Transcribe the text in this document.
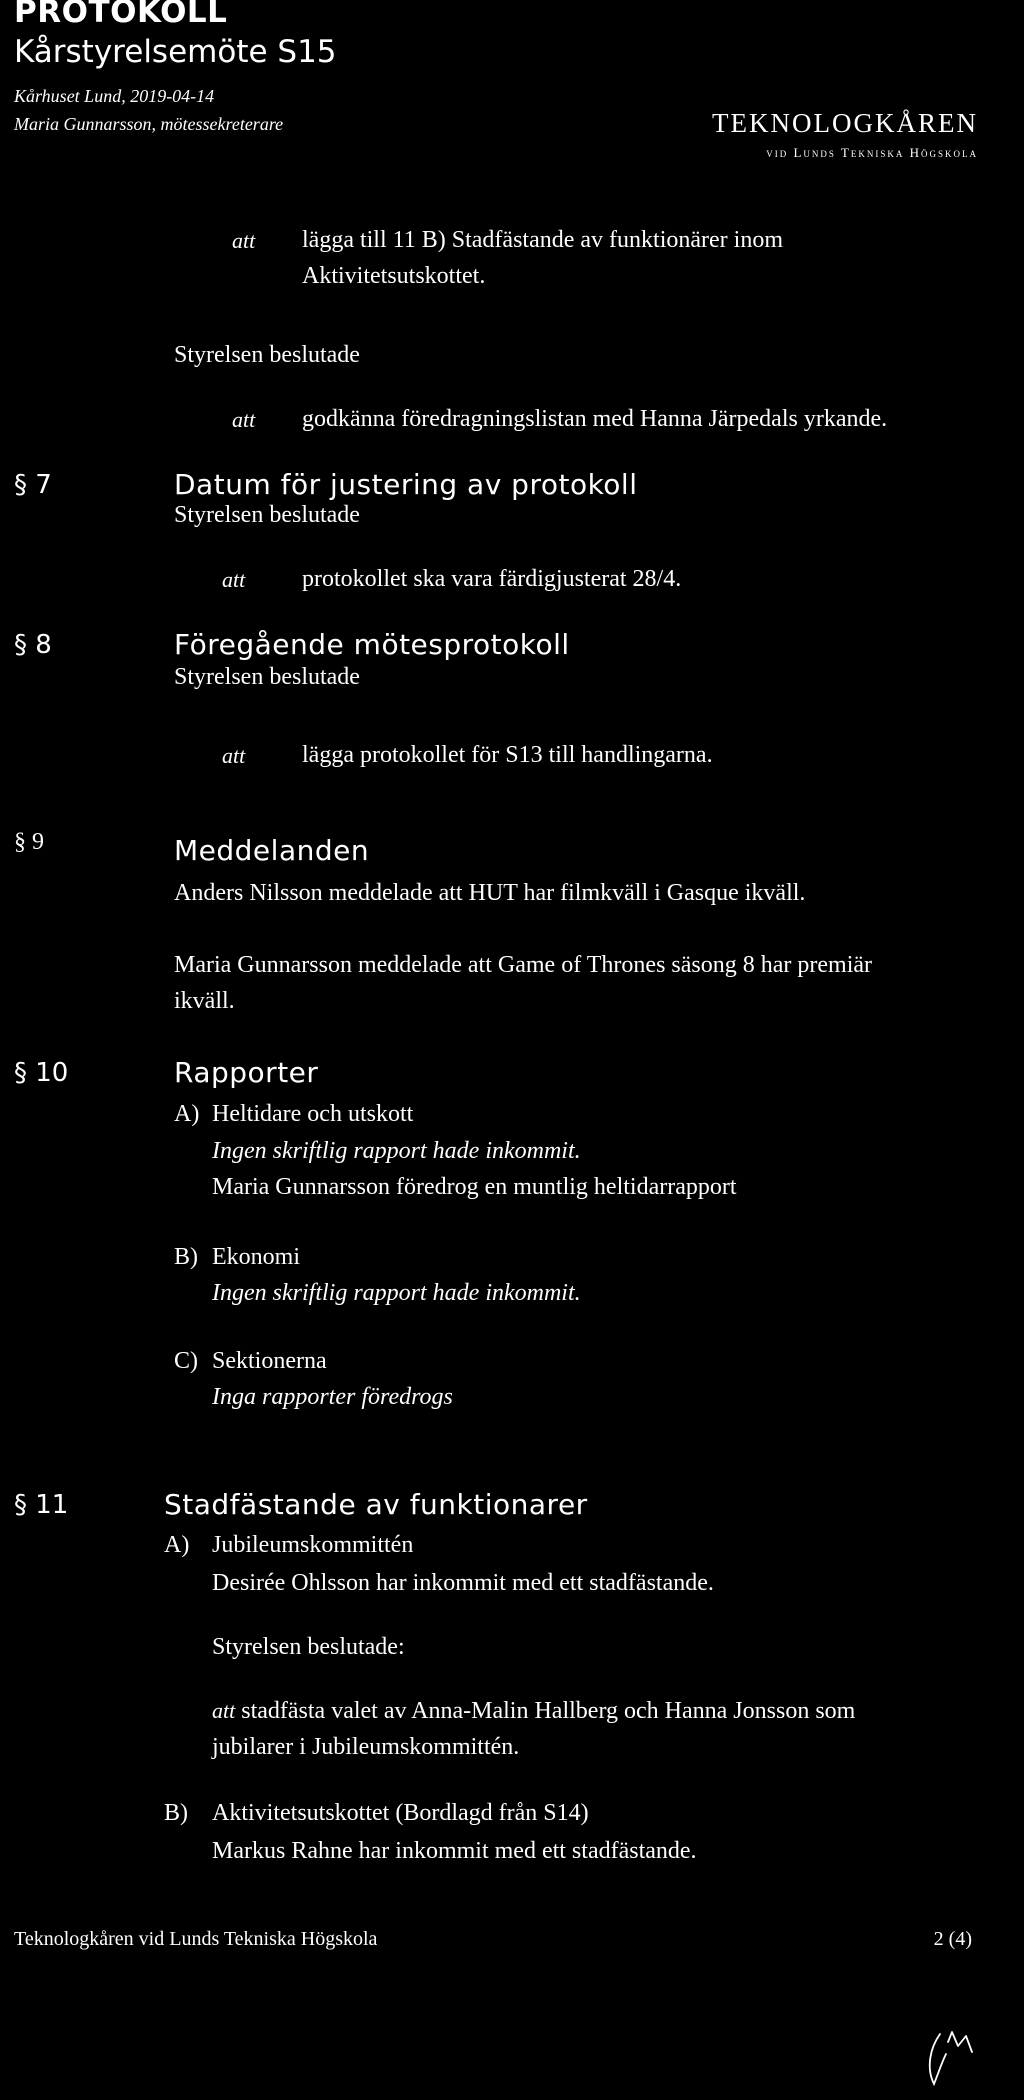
PROTOKOLL
Kårstyrelsemöte S15
Kårhuset Lund, 2019-04-14
Maria Gunnarsson, mötessekreterare	TEKNOLOGKÅREN
vid Lunds Tekniska Högskola
att lägga till 11 B) Stadfästande av funktionärer inom
Aktivitetsutskottet.
Styrelsen beslutade
att godkänna föredragningslistan med Hanna Järpedals yrkande.
§ 7	Datum för justering av protokoll
Styrelsen beslutade
att protokollet ska vara färdigjusterat 28/4.
§ 8	Föregående mötesprotokoll
Styrelsen beslutade
att lägga protokollet för S13 till handlingarna.
§ 9	Meddelanden
Anders Nilsson meddelade att HUT har filmkväll i Gasque ikväll.
Maria Gunnarsson meddelade att Game of Thrones säsong 8 har premiär
ikväll.
§ 10	Rapporter
A) Heltidare och utskott
Ingen skriftlig rapport hade inkommit.
Maria Gunnarsson föredrog en muntlig heltidarrapport
B) Ekonomi
Ingen skriftlig rapport hade inkommit.
C) Sektionerna
Inga rapporter föredrogs
§ 11	Stadfästande av funktionarer
A) Jubileumskommittén
Desirée Ohlsson har inkommit med ett stadfästande.
Styrelsen beslutade:
att stadfästa valet av Anna-Malin Hallberg och Hanna Jonsson som
jubilarer i Jubileumskommittén.
B) Aktivitetsutskottet (Bordlagd från S14)
Markus Rahne har inkommit med ett stadfästande.
Teknologkåren vid Lunds Tekniska Högskola	2 (4)
